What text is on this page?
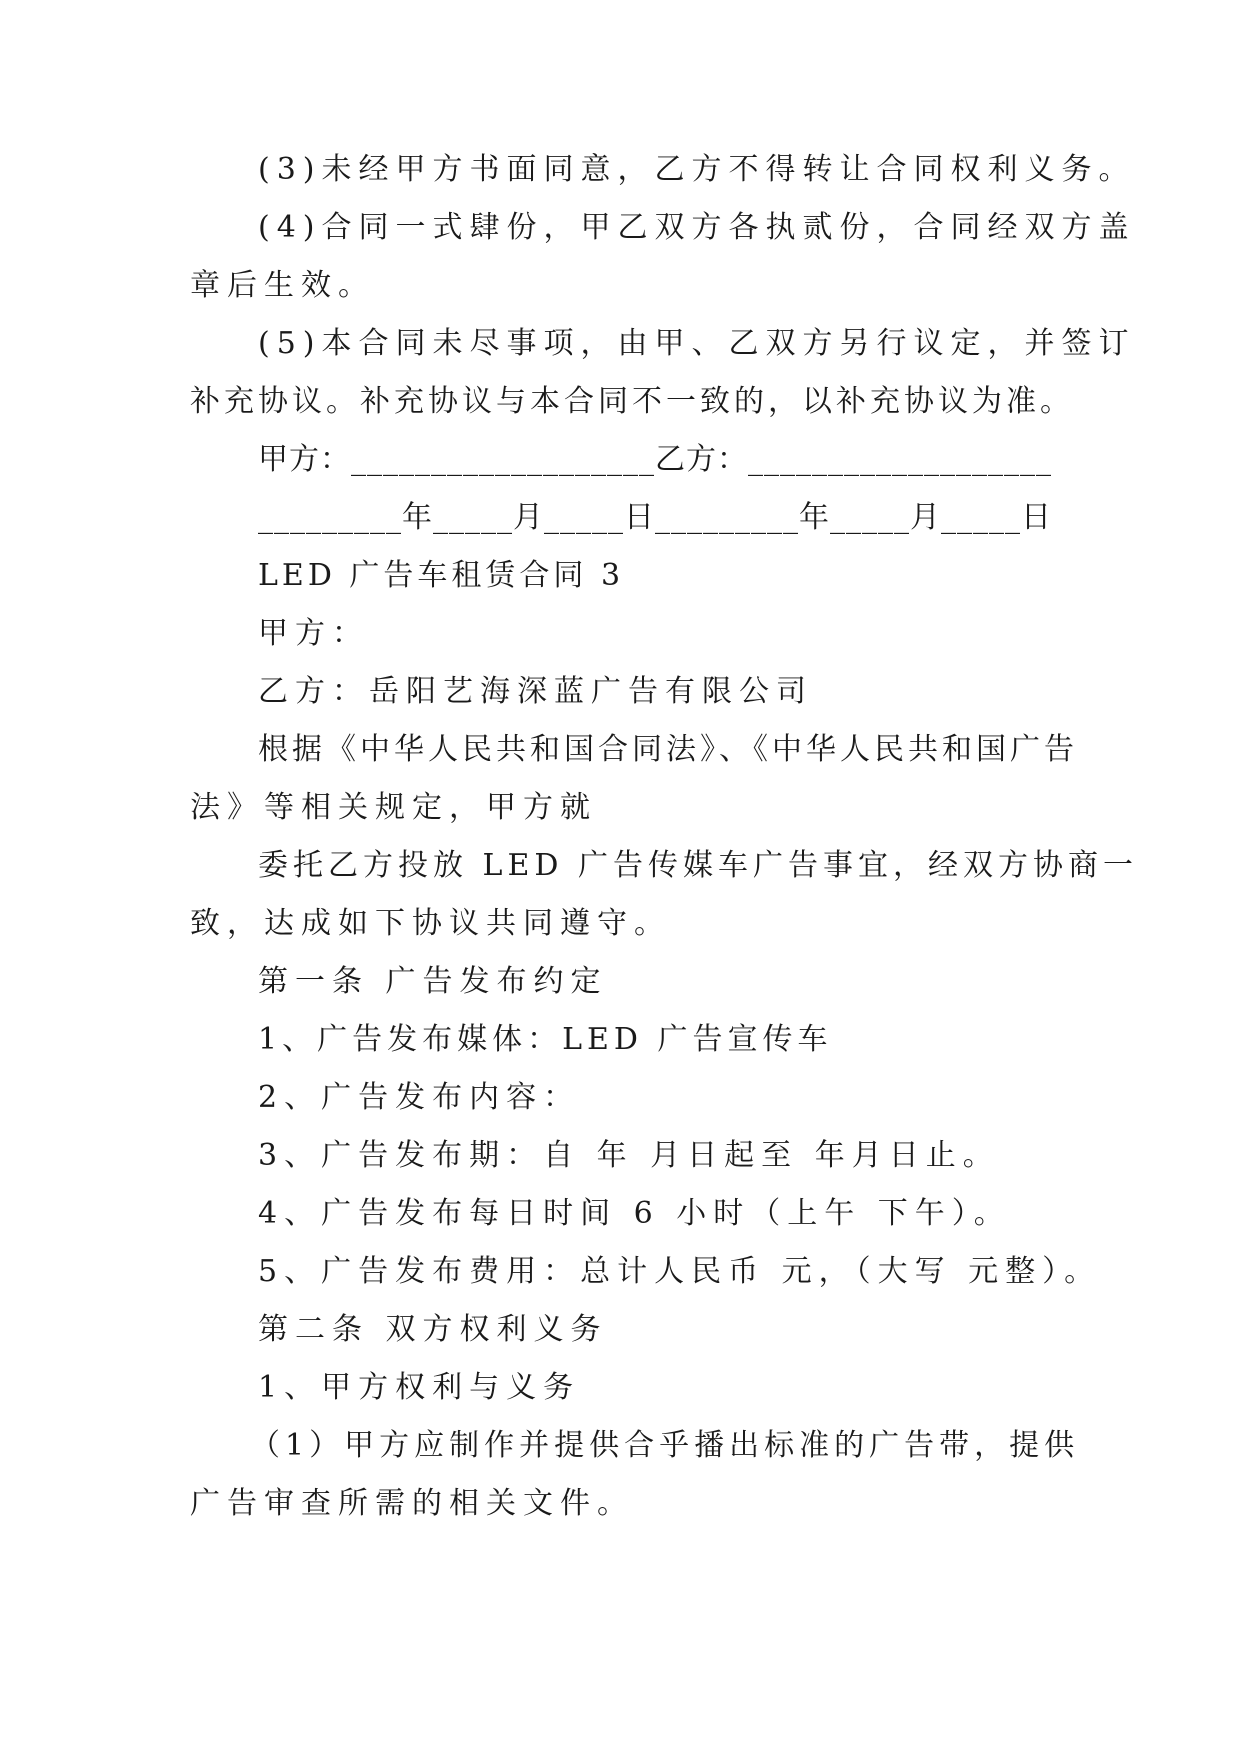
(3)未经甲方书面同意，乙方不得转让合同权利义务。
(4)合同一式肆份，甲乙双方各执贰份，合同经双方盖
章后生效。
(5)本合同未尽事项，由甲、乙双方另行议定，并签订
补充协议。补充协议与本合同不一致的，以补充协议为准。
甲方：___________________乙方：___________________
_________年_____月_____日_________年_____月_____日
LED 广告车租赁合同 3
甲方：
乙方：岳阳艺海深蓝广告有限公司
根据《中华人民共和国合同法》、《中华人民共和国广告
法》等相关规定，甲方就
委托乙方投放 LED 广告传媒车广告事宜，经双方协商一
致，达成如下协议共同遵守。
第一条 广告发布约定
1、广告发布媒体：LED 广告宣传车
2、广告发布内容：
3、广告发布期：自 年 月日起至 年月日止。
4、广告发布每日时间 6 小时（上午 下午）。
5、广告发布费用：总计人民币 元，（大写 元整）。
第二条 双方权利义务
1、甲方权利与义务
（1）甲方应制作并提供合乎播出标准的广告带，提供
广告审查所需的相关文件。
